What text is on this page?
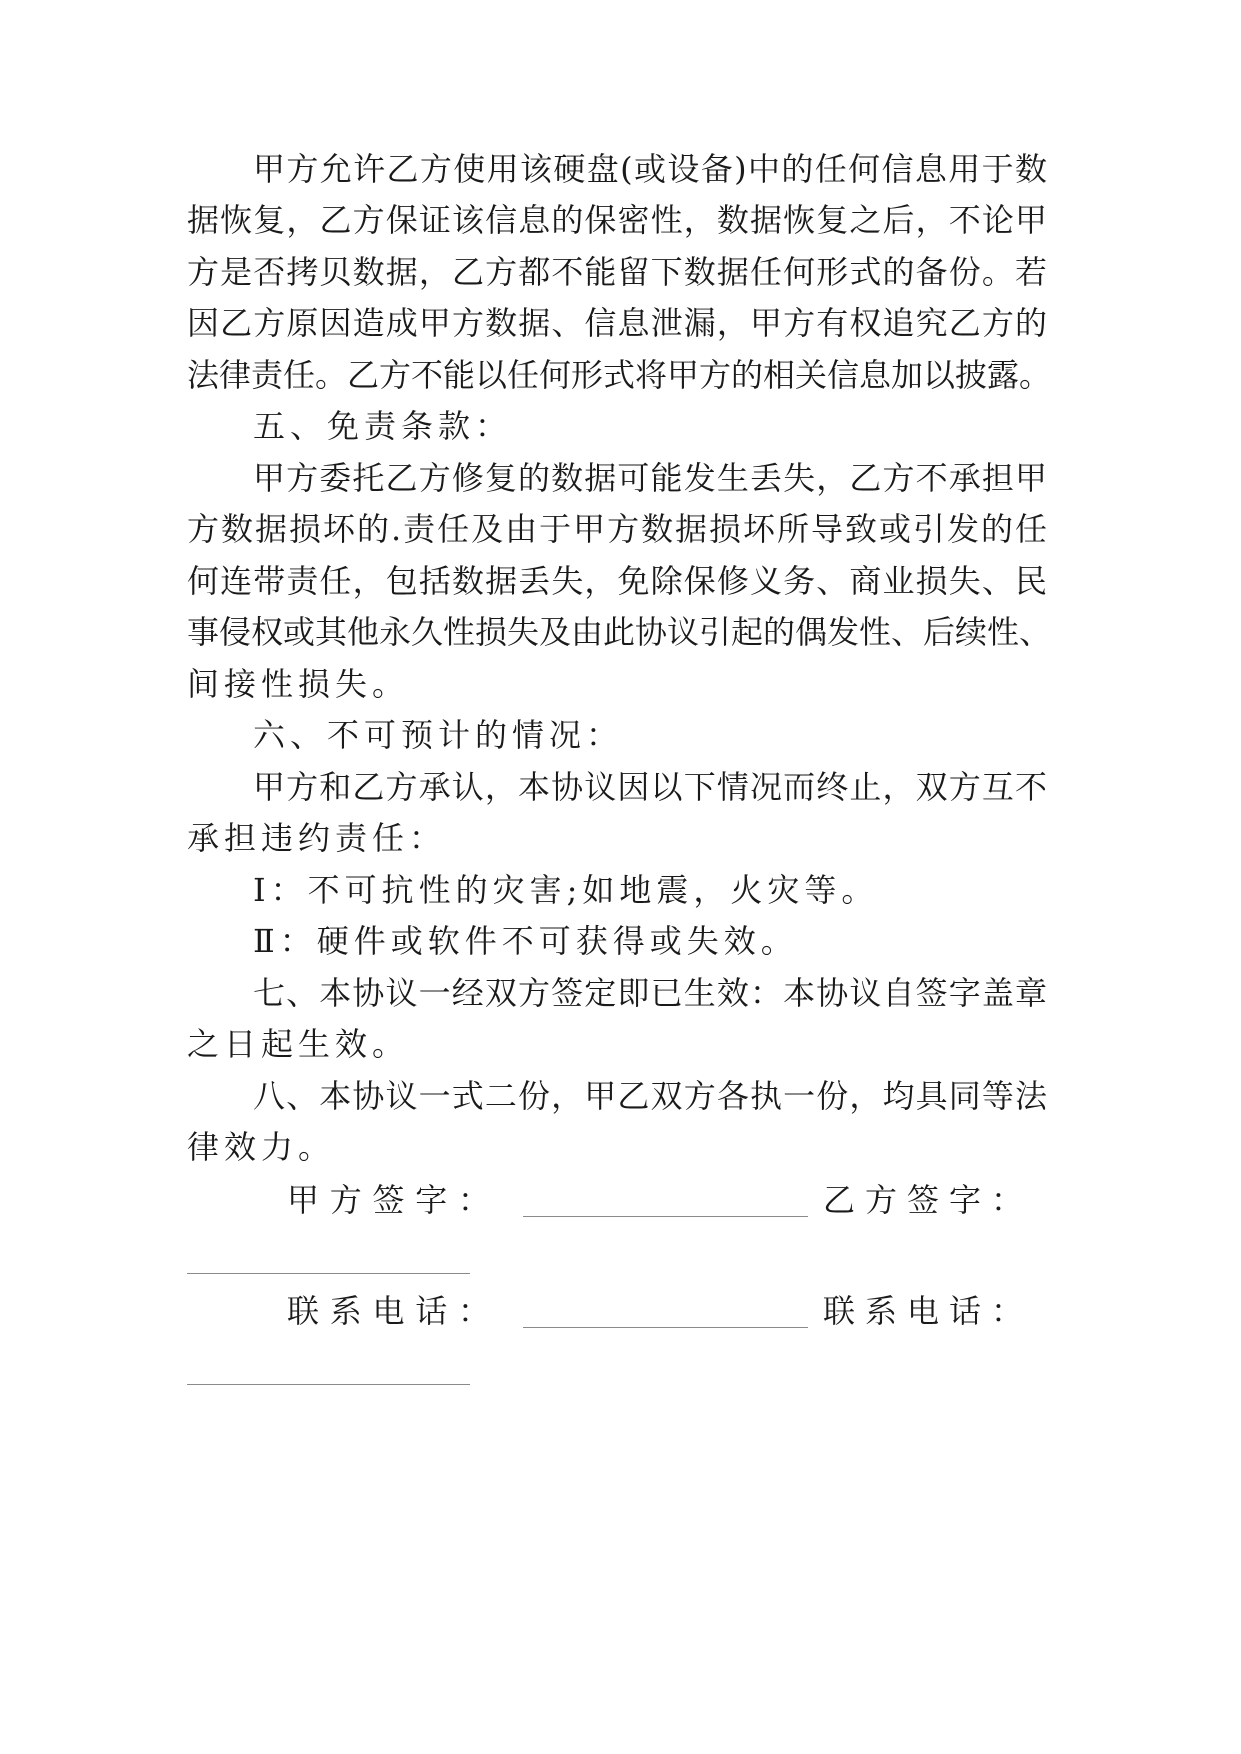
甲方允许乙方使用该硬盘(或设备)中的任何信息用于数
据恢复，乙方保证该信息的保密性，数据恢复之后，不论甲
方是否拷贝数据，乙方都不能留下数据任何形式的备份。若
因乙方原因造成甲方数据、信息泄漏，甲方有权追究乙方的
法律责任。乙方不能以任何形式将甲方的相关信息加以披露。
五、免责条款：
甲方委托乙方修复的数据可能发生丢失，乙方不承担甲
方数据损坏的.责任及由于甲方数据损坏所导致或引发的任
何连带责任，包括数据丢失，免除保修义务、商业损失、民
事侵权或其他永久性损失及由此协议引起的偶发性、后续性、
间接性损失。
六、不可预计的情况：
甲方和乙方承认，本协议因以下情况而终止，双方互不
承担违约责任：
Ⅰ：不可抗性的灾害;如地震，火灾等。
Ⅱ：硬件或软件不可获得或失效。
七、本协议一经双方签定即已生效：本协议自签字盖章
之日起生效。
八、本协议一式二份，甲乙双方各执一份，均具同等法
律效力。
甲方签字：	乙方签字：
联系电话：	联系电话：
